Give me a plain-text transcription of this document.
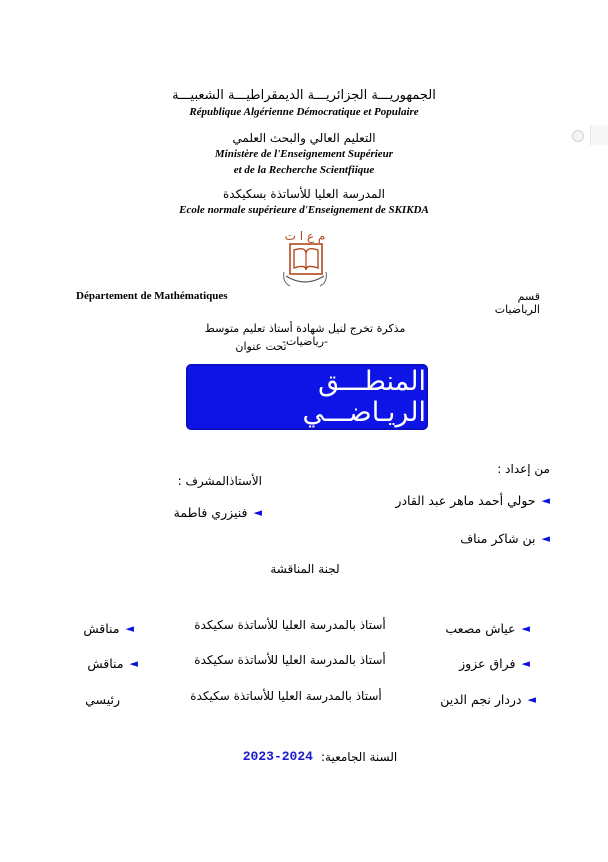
الجمهوريـــة الجزائريـــة الديمقراطيـــة الشعبيـــة
République Algérienne Démocratique et Populaire
التعليم العالي والبحث العلمي
Ministère de l'Enseignement Supérieur
et de la Recherche Scientfiique
المدرسة العليا للأساتذة بسكيكدة
Ecole normale supérieure d'Enseignement de SKIKDA
م ع ا ت
Département de Mathématiques	قسم الرياضيات
مذكرة تخرج لنيل شهادة أستاذ تعليم متوسط -رياضيات-
تحت عنوان
المنطـــق الريـاضـــي
من إعداد :
◄
حولي أحمد ماهر عبد القادر
◄
بن شاكر مناف
الأستاذالمشرف :
◄
فنيزري فاطمة
لجنة المناقشة
◄
عياش مصعب
أستاذ بالمدرسة العليا للأساتذة سكيكدة
◄
مناقش
◄
فراق عزوز
أستاذ بالمدرسة العليا للأساتذة سكيكدة
◄
مناقش
◄
دردار نجم الدين
أستاذ بالمدرسة العليا للأساتذة سكيكدة
رئيسي
السنة الجامعية:
2023-2024
